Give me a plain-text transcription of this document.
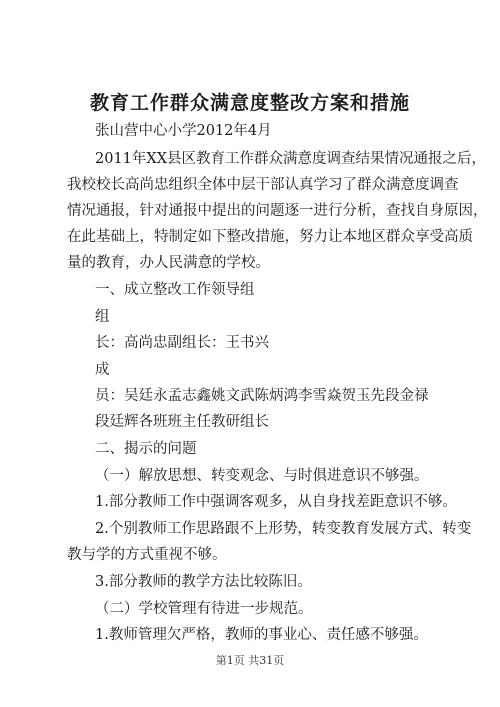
教育工作群众满意度整改方案和措施
张山营中心小学2012年4月
2011年XX县区教育工作群众满意度调查结果情况通报之后，
我校校长高尚忠组织全体中层干部认真学习了群众满意度调查
情况通报，针对通报中提出的问题逐一进行分析，查找自身原因，
在此基础上，特制定如下整改措施，努力让本地区群众享受高质
量的教育，办人民满意的学校。
一、成立整改工作领导组
组
长：高尚忠副组长：王书兴
成
员：吴廷永孟志鑫姚文武陈炳鸿李雪焱贺玉先段金禄
段廷辉各班班主任教研组长
二、揭示的问题
（一）解放思想、转变观念、与时俱进意识不够强。
1.部分教师工作中强调客观多，从自身找差距意识不够。
2.个别教师工作思路跟不上形势，转变教育发展方式、转变
教与学的方式重视不够。
3.部分教师的教学方法比较陈旧。
（二）学校管理有待进一步规范。
1.教师管理欠严格，教师的事业心、责任感不够强。
第1页 共31页
